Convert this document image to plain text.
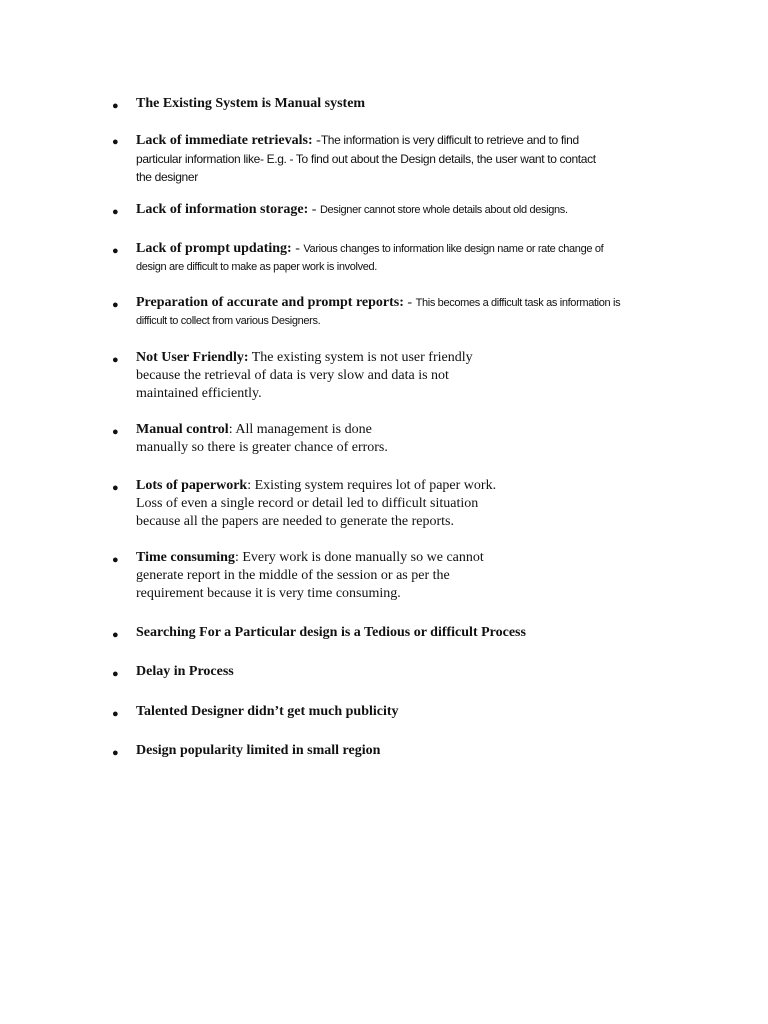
● The Existing System is Manual system
● Lack of immediate retrievals: -The information is very difficult to retrieve and to find
particular information like- E.g. - To find out about the Design details, the user want to contact
the designer
● Lack of information storage: - Designer cannot store whole details about old designs.
● Lack of prompt updating: - Various changes to information like design name or rate change of
design are difficult to make as paper work is involved.
● Preparation of accurate and prompt reports: - This becomes a difficult task as information is
difficult to collect from various Designers.
● Not User Friendly: The existing system is not user friendly
because the retrieval of data is very slow and data is not
maintained efficiently.
● Manual control: All management is done
manually so there is greater chance of errors.
● Lots of paperwork: Existing system requires lot of paper work.
Loss of even a single record or detail led to difficult situation
because all the papers are needed to generate the reports.
● Time consuming: Every work is done manually so we cannot
generate report in the middle of the session or as per the
requirement because it is very time consuming.
● Searching For a Particular design is a Tedious or difficult Process
● Delay in Process
● Talented Designer didn’t get much publicity
● Design popularity limited in small region
